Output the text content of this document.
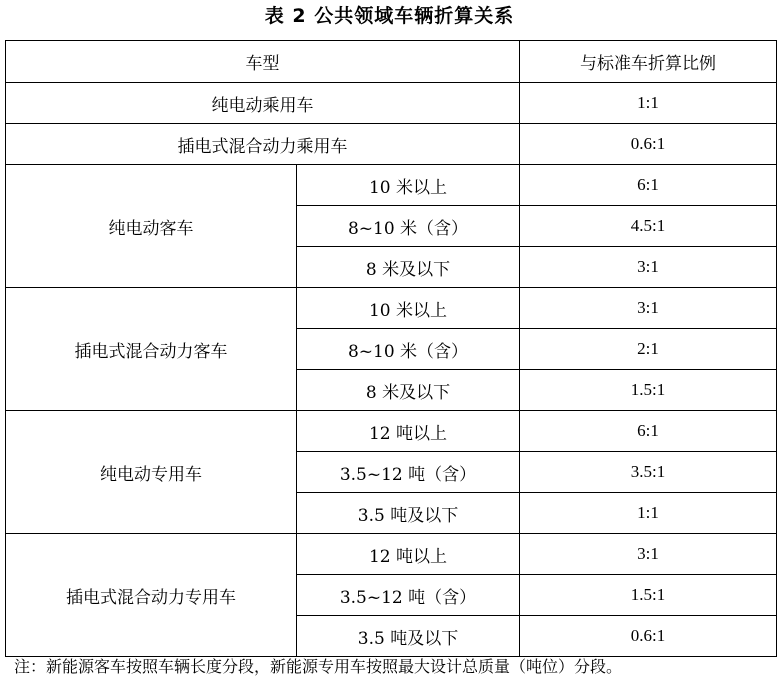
表 2 公共领域车辆折算关系
车型		与标准车折算比例
纯电动乘用车		1:1
插电式混合动力乘用车		0.6:1
纯电动客车	10 米以上	6:1
	8~10 米（含）	4.5:1
	8 米及以下	3:1
插电式混合动力客车	10 米以上	3:1
	8~10 米（含）	2:1
	8 米及以下	1.5:1
纯电动专用车	12 吨以上	6:1
	3.5~12 吨（含）	3.5:1
	3.5 吨及以下	1:1
插电式混合动力专用车	12 吨以上	3:1
	3.5~12 吨（含）	1.5:1
	3.5 吨及以下	0.6:1
注：新能源客车按照车辆长度分段，新能源专用车按照最大设计总质量（吨位）分段。
